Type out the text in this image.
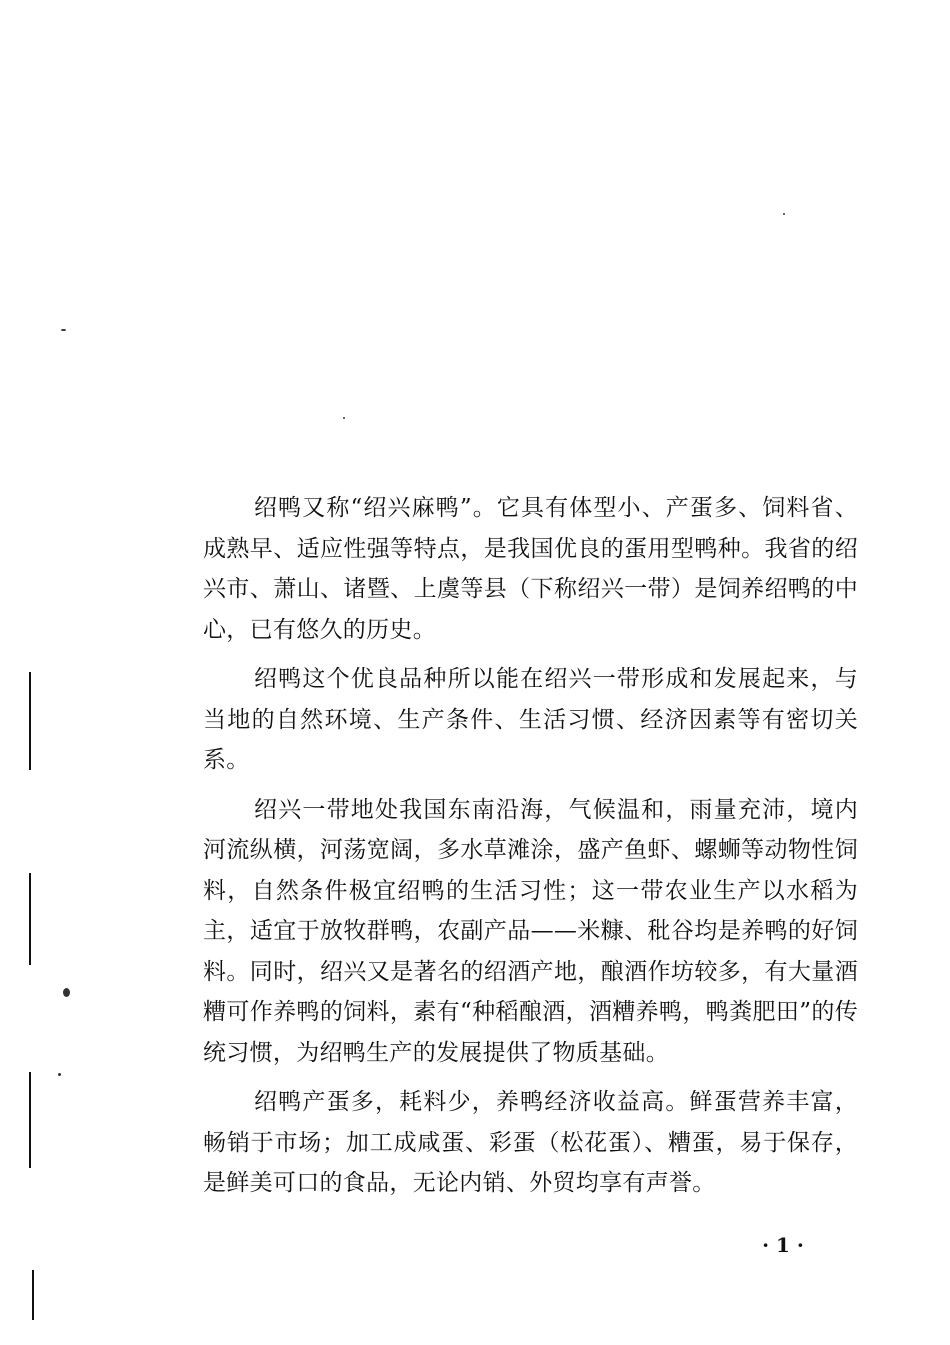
绍鸭又称“绍兴麻鸭”。它具有体型小、产蛋多、饲料省、成熟早、适应性强等特点，是我国优良的蛋用型鸭种。我省的绍兴市、萧山、诸暨、上虞等县（下称绍兴一带）是饲养绍鸭的中心，已有悠久的历史。

绍鸭这个优良品种所以能在绍兴一带形成和发展起来，与当地的自然环境、生产条件、生活习惯、经济因素等有密切关系。

绍兴一带地处我国东南沿海，气候温和，雨量充沛，境内河流纵横，河荡宽阔，多水草滩涂，盛产鱼虾、螺蛳等动物性饲料，自然条件极宜绍鸭的生活习性；这一带农业生产以水稻为主，适宜于放牧群鸭，农副产品——米糠、秕谷均是养鸭的好饲料。同时，绍兴又是著名的绍酒产地，酿酒作坊较多，有大量酒糟可作养鸭的饲料，素有“种稻酿酒，酒糟养鸭，鸭粪肥田”的传统习惯，为绍鸭生产的发展提供了物质基础。

绍鸭产蛋多，耗料少，养鸭经济收益高。鲜蛋营养丰富，畅销于市场；加工成咸蛋、彩蛋（松花蛋）、糟蛋，易于保存，是鲜美可口的食品，无论内销、外贸均享有声誉。

· 1 ·
